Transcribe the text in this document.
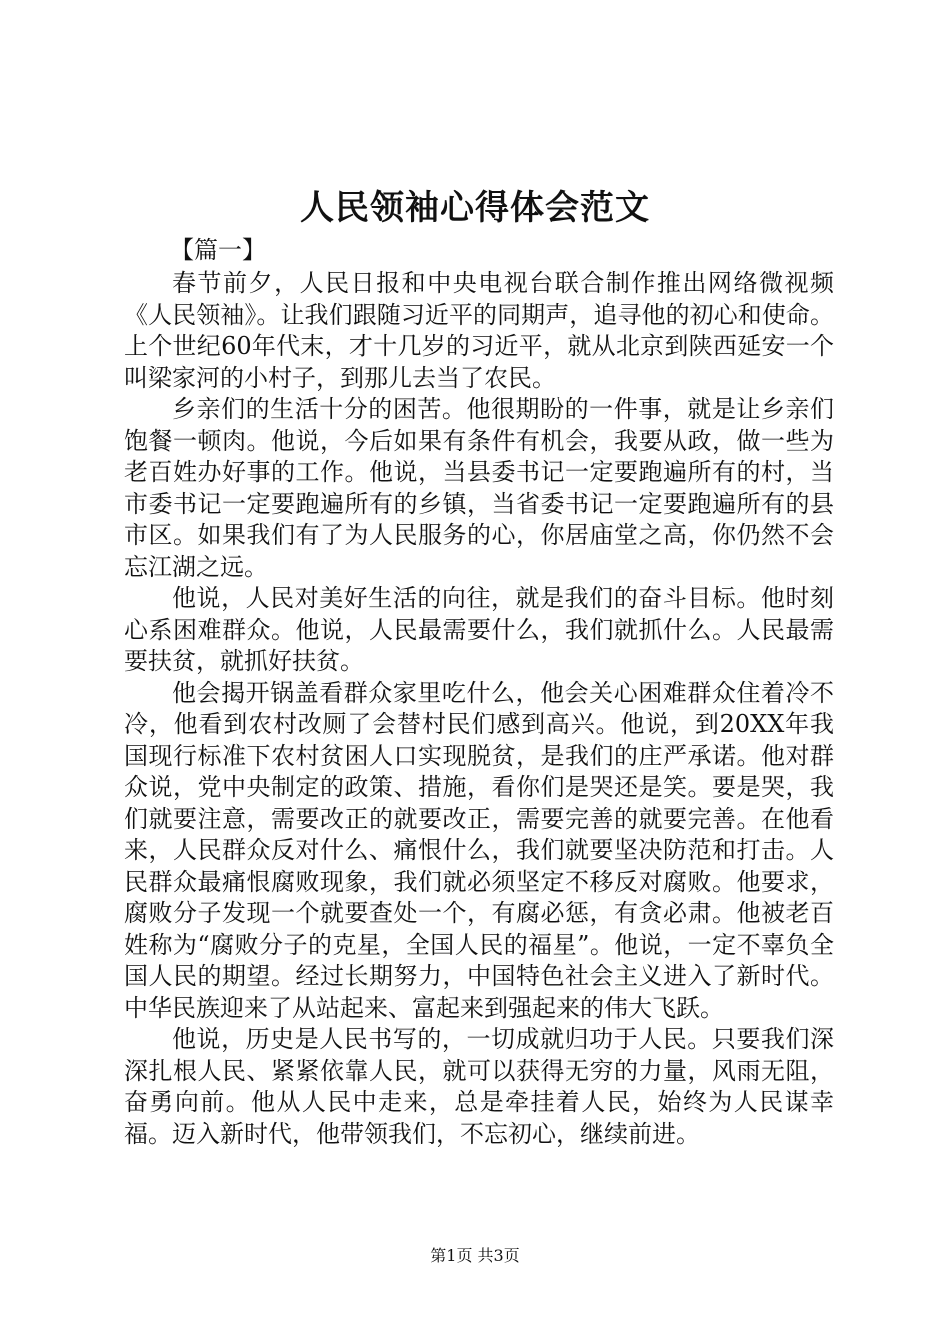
人民领袖心得体会范文
【篇一】

春节前夕，人民日报和中央电视台联合制作推出网络微视频《人民领袖》。让我们跟随习近平的同期声，追寻他的初心和使命。上个世纪60年代末，才十几岁的习近平，就从北京到陕西延安一个叫梁家河的小村子，到那儿去当了农民。

乡亲们的生活十分的困苦。他很期盼的一件事，就是让乡亲们饱餐一顿肉。他说，今后如果有条件有机会，我要从政，做一些为老百姓办好事的工作。他说，当县委书记一定要跑遍所有的村，当市委书记一定要跑遍所有的乡镇，当省委书记一定要跑遍所有的县市区。如果我们有了为人民服务的心，你居庙堂之高，你仍然不会忘江湖之远。

他说，人民对美好生活的向往，就是我们的奋斗目标。他时刻心系困难群众。他说，人民最需要什么，我们就抓什么。人民最需要扶贫，就抓好扶贫。

他会揭开锅盖看群众家里吃什么，他会关心困难群众住着冷不冷，他看到农村改厕了会替村民们感到高兴。他说，到20XX年我国现行标准下农村贫困人口实现脱贫，是我们的庄严承诺。他对群众说，党中央制定的政策、措施，看你们是哭还是笑。要是哭，我们就要注意，需要改正的就要改正，需要完善的就要完善。在他看来，人民群众反对什么、痛恨什么，我们就要坚决防范和打击。人民群众最痛恨腐败现象，我们就必须坚定不移反对腐败。他要求，腐败分子发现一个就要查处一个，有腐必惩，有贪必肃。他被老百姓称为“腐败分子的克星，全国人民的福星”。他说，一定不辜负全国人民的期望。经过长期努力，中国特色社会主义进入了新时代。中华民族迎来了从站起来、富起来到强起来的伟大飞跃。

他说，历史是人民书写的，一切成就归功于人民。只要我们深深扎根人民、紧紧依靠人民，就可以获得无穷的力量，风雨无阻，奋勇向前。他从人民中走来，总是牵挂着人民，始终为人民谋幸福。迈入新时代，他带领我们，不忘初心，继续前进。

第1页 共3页
